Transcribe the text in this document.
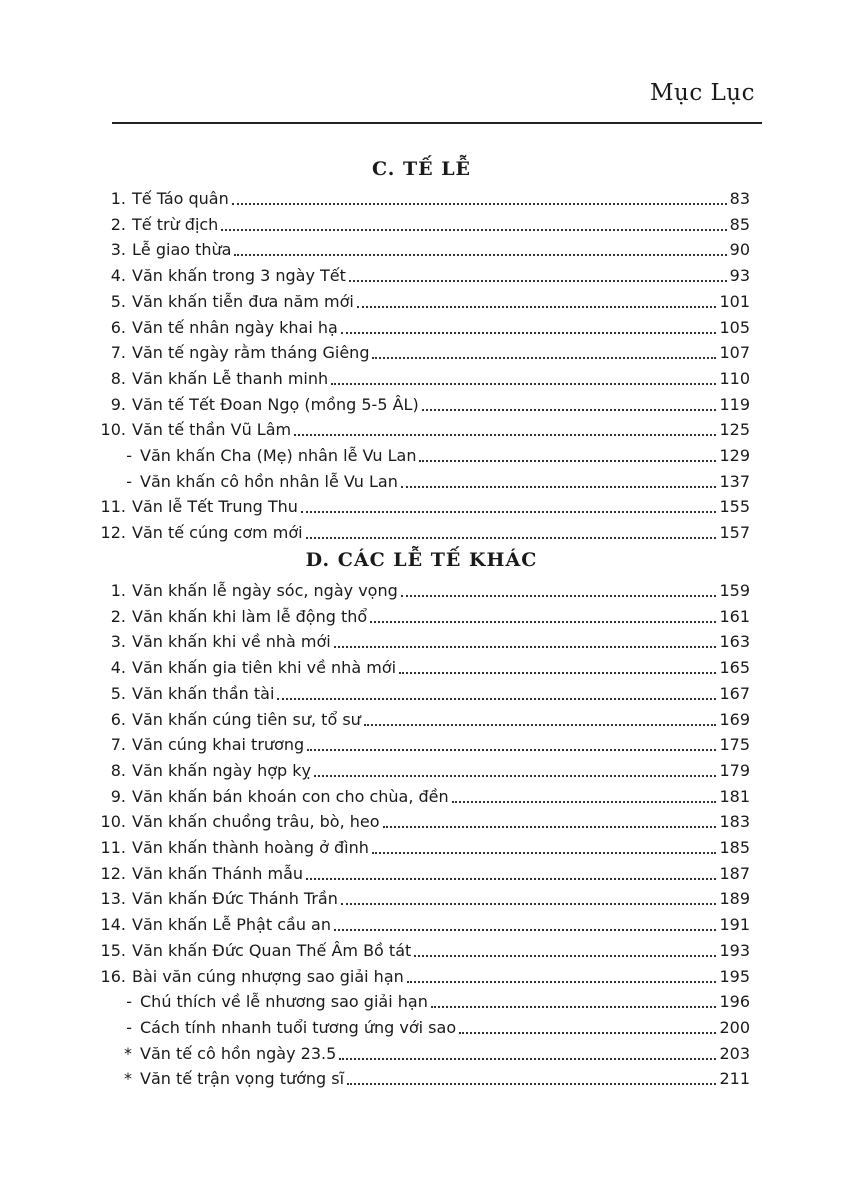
Mục Lục
C. TẾ LỄ
1. Tế Táo quân	83
2. Tế trừ địch	85
3. Lễ giao thừa	90
4. Văn khấn trong 3 ngày Tết	93
5. Văn khấn tiễn đưa năm mới	101
6. Văn tế nhân ngày khai hạ	105
7. Văn tế ngày rằm tháng Giêng	107
8. Văn khấn Lễ thanh minh	110
9. Văn tế Tết Đoan Ngọ (mồng 5-5 ÂL)	119
10. Văn tế thần Vũ Lâm	125
- Văn khấn Cha (Mẹ) nhân lễ Vu Lan	129
- Văn khấn cô hồn nhân lễ Vu Lan	137
11. Văn lễ Tết Trung Thu	155
12. Văn tế cúng cơm mới	157
D. CÁC LỄ TẾ KHÁC
1. Văn khấn lễ ngày sóc, ngày vọng	159
2. Văn khấn khi làm lễ động thổ	161
3. Văn khấn khi về nhà mới	163
4. Văn khấn gia tiên khi về nhà mới	165
5. Văn khấn thần tài	167
6. Văn khấn cúng tiên sư, tổ sư	169
7. Văn cúng khai trương	175
8. Văn khấn ngày hợp kỵ	179
9. Văn khấn bán khoán con cho chùa, đền	181
10. Văn khấn chuồng trâu, bò, heo	183
11. Văn khấn thành hoàng ở đình	185
12. Văn khấn Thánh mẫu	187
13. Văn khấn Đức Thánh Trần	189
14. Văn khấn Lễ Phật cầu an	191
15. Văn khấn Đức Quan Thế Âm Bồ tát	193
16. Bài văn cúng nhượng sao giải hạn	195
- Chú thích về lễ nhương sao giải hạn	196
- Cách tính nhanh tuổi tương ứng với sao	200
* Văn tế cô hồn ngày 23.5	203
* Văn tế trận vọng tướng sĩ	211
